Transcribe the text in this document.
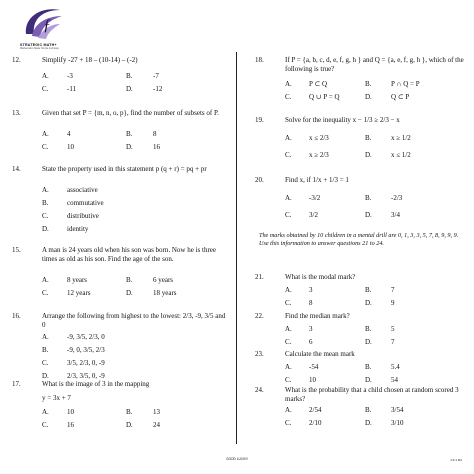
ƒ
STRATEGIC MATH+
Mathematics Made Simple And Easy
12.	Simplify -27 + 18 – (10-14) – (-2)
A.	-3	B.	-7
C.	-11	D.	-12
13.	Given that set P = {m, n, o, p}, find the number of subsets of P.
A.	4	B.	8
C.	10	D.	16
14.	State the property used in this statement p (q + r) = pq + pr
A.	associative
B.	commutative
C.	distributive
D.	identity
15.	A man is 24 years old when his son was born. Now he is three times as old as his son. Find the age of the son.
A.	8 years	B.	6 years
C.	12 years	D.	18 years
16.	Arrange the following from highest to the lowest: 2/3, -9, 3/5 and 0
A.	-9, 3/5, 2/3, 0
B.	-9, 0, 3/5, 2/3
C.	3/5, 2/3, 0, -9
D.	2/3, 3/5, 0, -9
17.	What is the image of 3 in the mapping
y = 3x + 7
A.	10	B.	13
C.	16	D.	24
18.	If P = {a, b, c, d, e, f, g, h } and Q = {a, e, f, g, h }, which of the following is true?
A. P ⊂ Q	B.	P ∩ Q = P
C.	Q ∪ P = Q	D.	Q ⊂ P
19.	Solve for the inequality x − 1/3 ≥ 2/3 − x
A. x ≤ 2/3	B.	x ≥ 1/2
C.	x ≥ 2/3	D.	x ≤ 1/2
20.	Find x, if 1/x + 1/3 = 1
A. -3/2	B.	-2/3
C.	3/2	D.	3/4
The marks obtained by 10 children in a mental drill are 0, 1, 3, 3, 5, 7, 8, 9, 9, 9. Use this information to answer questions 21 to 24.
21.	What is the modal mark?
A. 3	B.	7
C.	8	D.	9
22.	Find the median mark?
A. 3	B.	5
C.	6	D.	7
23.	Calculate the mean mark
A. -54	B.	5.4
C.	10	D.	54
24.	What is the probability that a child chosen at random scored 3 marks?
A. 2/54	B.	3/54
C.	2/10	D.	3/10
GOOD LUCK!!!	J.S.1 M1
